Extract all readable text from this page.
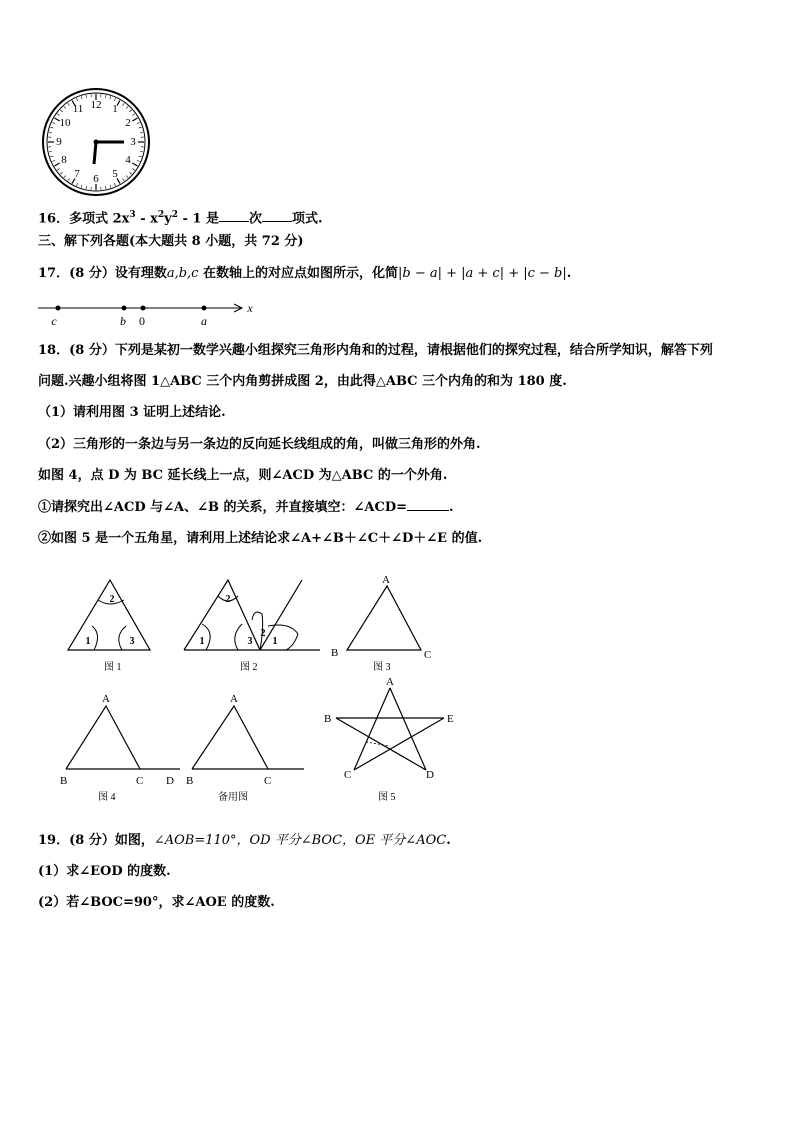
12 1
2
3
4
5
6
7
8
9
10
11
16．多项式 $2x^3 - x^2y^2 - 1$ 是 次 项式.
三、解下列各题(本大题共 8 小题，共 72 分)
17．(8 分）设有理数a,b,c 在数轴上的对应点如图所示，化简|b − a| + |a + c| + |c − b|.
c	b 0	a
x
18．(8 分）下列是某初一数学兴趣小组探究三角形内角和的过程，请根据他们的探究过程，结合所学知识，解答下列
问题.兴趣小组将图 1△ABC 三个内角剪拼成图 2，由此得△ABC 三个内角的和为 180 度.
（1）请利用图 3 证明上述结论.
（2）三角形的一条边与另一条边的反向延长线组成的角，叫做三角形的外角.
如图 4，点 D 为 BC 延长线上一点，则∠ACD 为△ABC 的一个外角.
①请探究出∠ACD 与∠A、∠B 的关系，并直接填空：∠ACD=	.
②如图 5 是一个五角星，请利用上述结论求∠A+∠B＋∠C＋∠D＋∠E 的值.
2
1	3
图 1
2
1	3
2
1
图 2
A
B	C
图 3
A
B	C D
图 4
A
B	C
备用图
A
B	E
C	D
图 5
19．(8 分）如图，∠AOB=110°，OD 平分∠BOC，OE 平分∠AOC.
(1）求∠EOD 的度数.
(2）若∠BOC=90°，求∠AOE 的度数.
